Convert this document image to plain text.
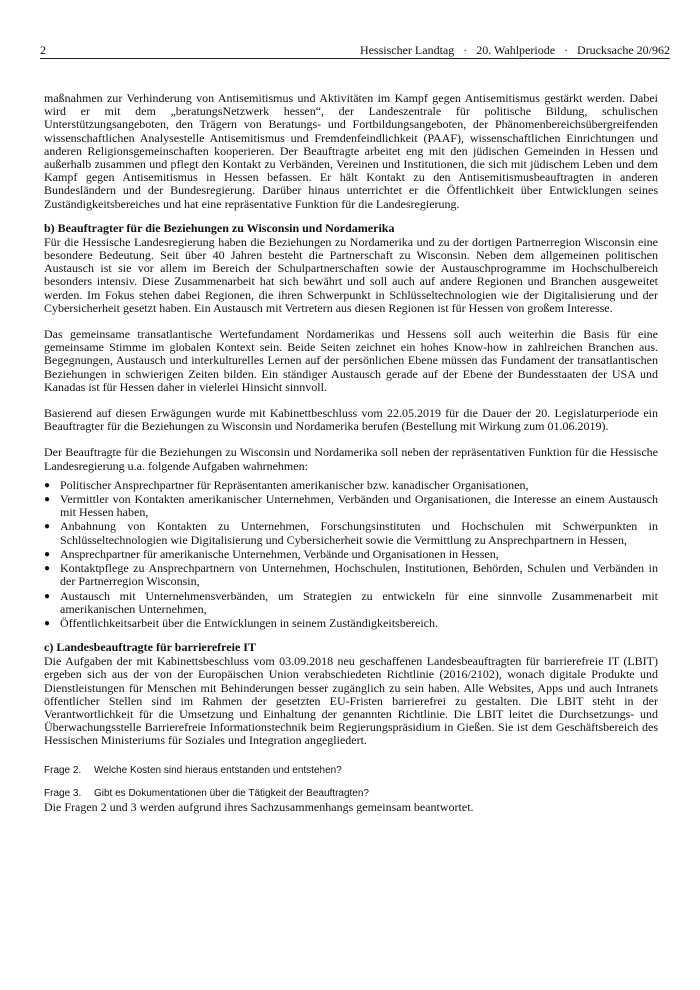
2	Hessischer Landtag   ·   20. Wahlperiode   ·   Drucksache 20/962

maßnahmen zur Verhinderung von Antisemitismus und Aktivitäten im Kampf gegen Antisemitismus gestärkt werden. Dabei wird er mit dem „beratungsNetzwerk hessen“, der Landeszentrale für politische Bildung, schulischen Unterstützungsangeboten, den Trägern von Beratungs- und Fortbildungsangeboten, der Phänomenbereichsübergreifenden wissenschaftlichen Analysestelle Antisemitismus und Fremdenfeindlichkeit (PAAF), wissenschaftlichen Einrichtungen und anderen Religionsgemeinschaften kooperieren. Der Beauftragte arbeitet eng mit den jüdischen Gemeinden in Hessen und außerhalb zusammen und pflegt den Kontakt zu Verbänden, Vereinen und Institutionen, die sich mit jüdischem Leben und dem Kampf gegen Antisemitismus in Hessen befassen. Er hält Kontakt zu den Antisemitismusbeauftragten in anderen Bundesländern und der Bundesregierung. Darüber hinaus unterrichtet er die Öffentlichkeit über Entwicklungen seines Zuständigkeitsbereiches und hat eine repräsentative Funktion für die Landesregierung.

b) Beauftragter für die Beziehungen zu Wisconsin und Nordamerika

Für die Hessische Landesregierung haben die Beziehungen zu Nordamerika und zu der dortigen Partnerregion Wisconsin eine besondere Bedeutung. Seit über 40 Jahren besteht die Partnerschaft zu Wisconsin. Neben dem allgemeinen politischen Austausch ist sie vor allem im Bereich der Schulpartnerschaften sowie der Austauschprogramme im Hochschulbereich besonders intensiv. Diese Zusammenarbeit hat sich bewährt und soll auch auf andere Regionen und Branchen ausgeweitet werden. Im Fokus stehen dabei Regionen, die ihren Schwerpunkt in Schlüsseltechnologien wie der Digitalisierung und der Cybersicherheit gesetzt haben. Ein Austausch mit Vertretern aus diesen Regionen ist für Hessen von großem Interesse.

Das gemeinsame transatlantische Wertefundament Nordamerikas und Hessens soll auch weiterhin die Basis für eine gemeinsame Stimme im globalen Kontext sein. Beide Seiten zeichnet ein hohes Know-how in zahlreichen Branchen aus. Begegnungen, Austausch und interkulturelles Lernen auf der persönlichen Ebene müssen das Fundament der transatlantischen Beziehungen in schwierigen Zeiten bilden. Ein ständiger Austausch gerade auf der Ebene der Bundesstaaten der USA und Kanadas ist für Hessen daher in vielerlei Hinsicht sinnvoll.

Basierend auf diesen Erwägungen wurde mit Kabinettbeschluss vom 22.05.2019 für die Dauer der 20. Legislaturperiode ein Beauftragter für die Beziehungen zu Wisconsin und Nordamerika berufen (Bestellung mit Wirkung zum 01.06.2019).

Der Beauftragte für die Beziehungen zu Wisconsin und Nordamerika soll neben der repräsentativen Funktion für die Hessische Landesregierung u.a. folgende Aufgaben wahrnehmen:

● Politischer Ansprechpartner für Repräsentanten amerikanischer bzw. kanadischer Organisationen,
● Vermittler von Kontakten amerikanischer Unternehmen, Verbänden und Organisationen, die Interesse an einem Austausch mit Hessen haben,
● Anbahnung von Kontakten zu Unternehmen, Forschungsinstituten und Hochschulen mit Schwerpunkten in Schlüsseltechnologien wie Digitalisierung und Cybersicherheit sowie die Vermittlung zu Ansprechpartnern in Hessen,
● Ansprechpartner für amerikanische Unternehmen, Verbände und Organisationen in Hessen,
● Kontaktpflege zu Ansprechpartnern von Unternehmen, Hochschulen, Institutionen, Behörden, Schulen und Verbänden in der Partnerregion Wisconsin,
● Austausch mit Unternehmensverbänden, um Strategien zu entwickeln für eine sinnvolle Zusammenarbeit mit amerikanischen Unternehmen,
● Öffentlichkeitsarbeit über die Entwicklungen in seinem Zuständigkeitsbereich.
c) Landesbeauftragte für barrierefreie IT

Die Aufgaben der mit Kabinettsbeschluss vom 03.09.2018 neu geschaffenen Landesbeauftragten für barrierefreie IT (LBIT) ergeben sich aus der von der Europäischen Union verabschiedeten Richtlinie (2016/2102), wonach digitale Produkte und Dienstleistungen für Menschen mit Behinderungen besser zugänglich zu sein haben. Alle Websites, Apps und auch Intranets öffentlicher Stellen sind im Rahmen der gesetzten EU-Fristen barrierefrei zu gestalten. Die LBIT steht in der Verantwortlichkeit für die Umsetzung und Einhaltung der genannten Richtlinie. Die LBIT leitet die Durchsetzungs- und Überwachungsstelle Barrierefreie Informationstechnik beim Regierungspräsidium in Gießen. Sie ist dem Geschäftsbereich des Hessischen Ministeriums für Soziales und Integration angegliedert.

Frage 2. Welche Kosten sind hieraus entstanden und entstehen?
Frage 3. Gibt es Dokumentationen über die Tätigkeit der Beauftragten?

Die Fragen 2 und 3 werden aufgrund ihres Sachzusammenhangs gemeinsam beantwortet.
